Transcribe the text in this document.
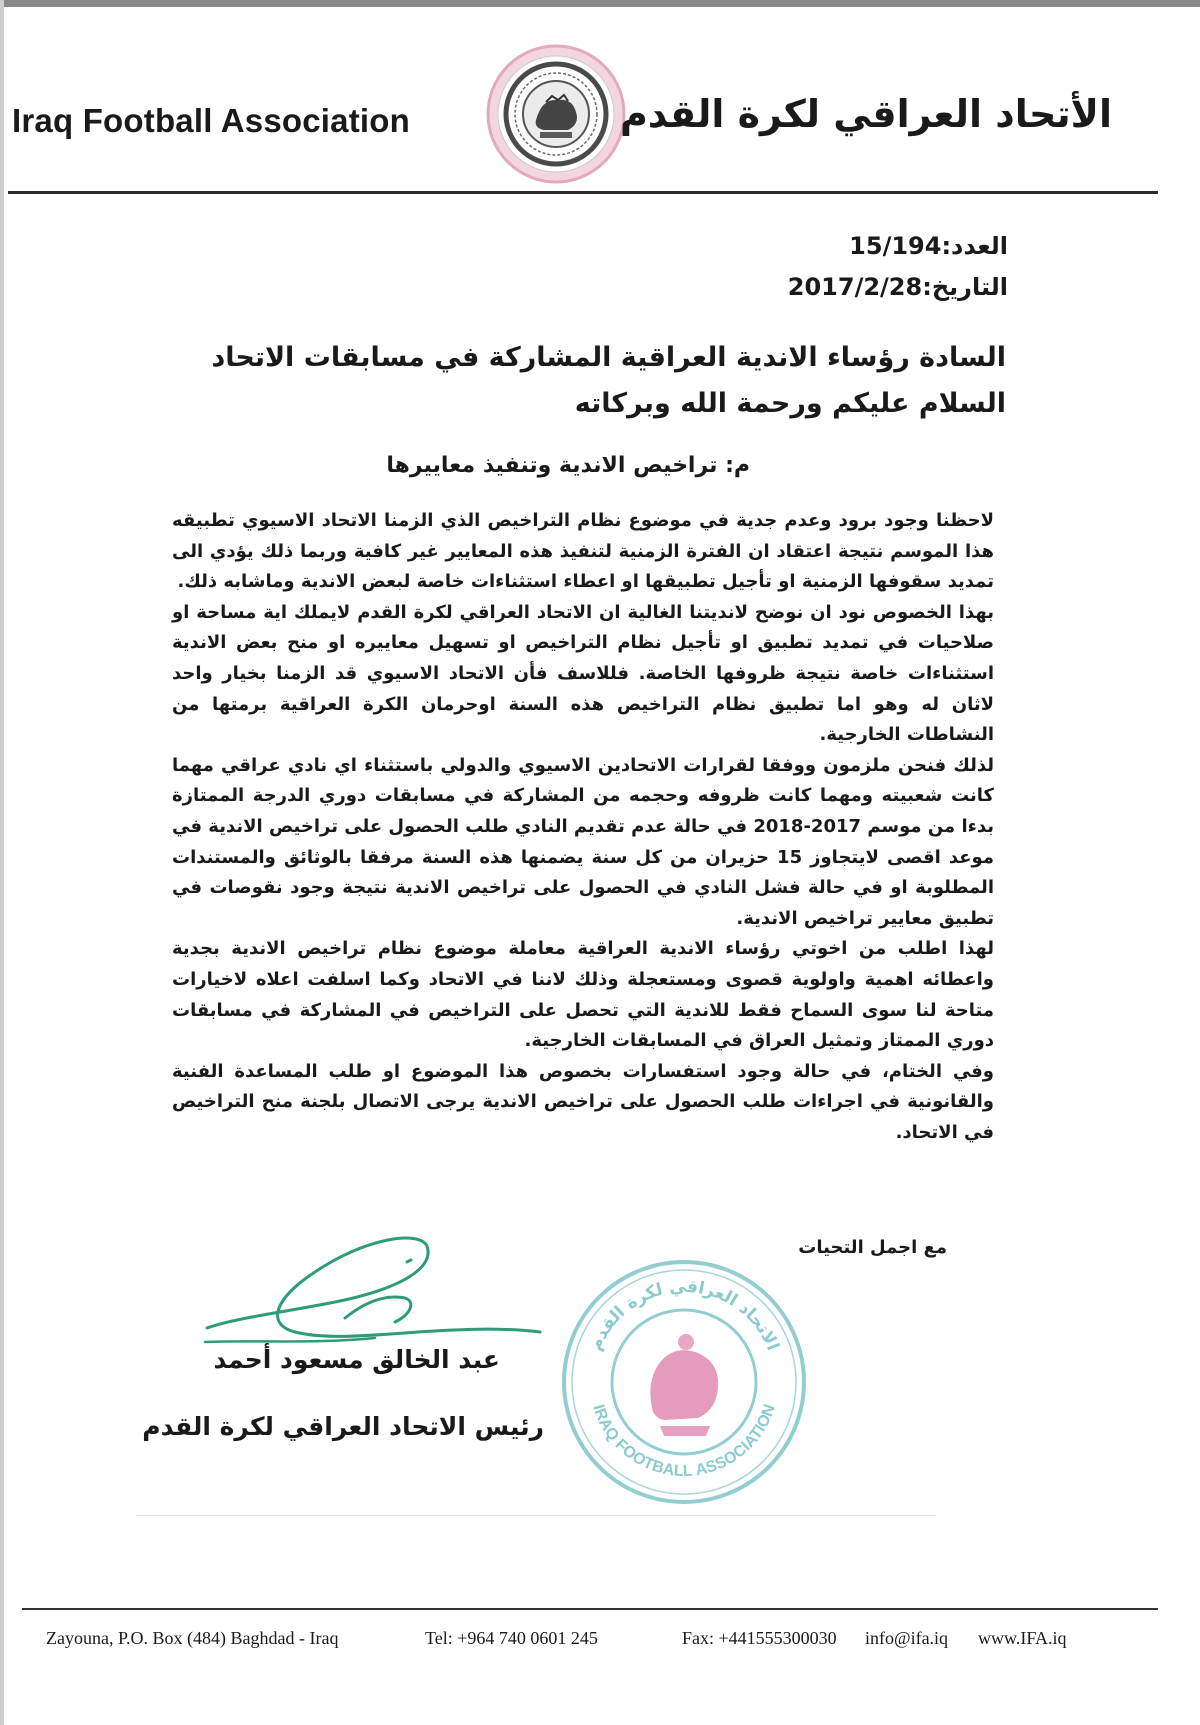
Iraq Football Association	الأتحاد العراقي لكرة القدم
العدد:15/194
التاريخ:2017/2/28
السادة رؤساء الاندية العراقية المشاركة في مسابقات الاتحاد
السلام عليكم ورحمة الله وبركاته
م: تراخيص الاندية وتنفيذ معاييرها

لاحظنا وجود برود وعدم جدية في موضوع نظام التراخيص الذي الزمنا الاتحاد الاسيوي تطبيقه هذا الموسم نتيجة اعتقاد ان الفترة الزمنية لتنفيذ هذه المعايير غير كافية وربما ذلك يؤدي الى تمديد سقوفها الزمنية او تأجيل تطبيقها او اعطاء استثناءات خاصة لبعض الاندية وماشابه ذلك.

بهذا الخصوص نود ان نوضح لانديتنا الغالية ان الاتحاد العراقي لكرة القدم لايملك اية مساحة او صلاحيات في تمديد تطبيق او تأجيل نظام التراخيص او تسهيل معاييره او منح بعض الاندية استثناءات خاصة نتيجة ظروفها الخاصة. فللاسف فأن الاتحاد الاسيوي قد الزمنا بخيار واحد لاثان له وهو اما تطبيق نظام التراخيص هذه السنة اوحرمان الكرة العراقية برمتها من النشاطات الخارجية.

لذلك فنحن ملزمون ووفقا لقرارات الاتحادين الاسيوي والدولي باستثناء اي نادي عراقي مهما كانت شعبيته ومهما كانت ظروفه وحجمه من المشاركة في مسابقات دوري الدرجة الممتازة بدءا من موسم 2017-2018 في حالة عدم تقديم النادي طلب الحصول على تراخيص الاندية في موعد اقصى لايتجاوز 15 حزيران من كل سنة يضمنها هذه السنة مرفقا بالوثائق والمستندات المطلوبة او في حالة فشل النادي في الحصول على تراخيص الاندية نتيجة وجود نقوصات في تطبيق معايير تراخيص الاندية.

لهذا اطلب من اخوتي رؤساء الاندية العراقية معاملة موضوع نظام تراخيص الاندية بجدية واعطائه اهمية واولوية قصوى ومستعجلة وذلك لاننا في الاتحاد وكما اسلفت اعلاه لاخيارات متاحة لنا سوى السماح فقط للاندية التي تحصل على التراخيص في المشاركة في مسابقات دوري الممتاز وتمثيل العراق في المسابقات الخارجية.

وفي الختام، في حالة وجود استفسارات بخصوص هذا الموضوع او طلب المساعدة الفنية والقانونية في اجراءات طلب الحصول على تراخيص الاندية يرجى الاتصال بلجنة منح التراخيص في الاتحاد.

مع اجمل التحيات
عبد الخالق مسعود أحمد
رئيس الاتحاد العراقي لكرة القدم
الاتحاد العراقي لكرة القدم
IRAQ FOOTBALL ASSOCIATION
Zayouna, P.O. Box (484) Baghdad - Iraq	Tel: +964 740 0601 245	Fax: +441555300030 info@ifa.iq www.IFA.iq
